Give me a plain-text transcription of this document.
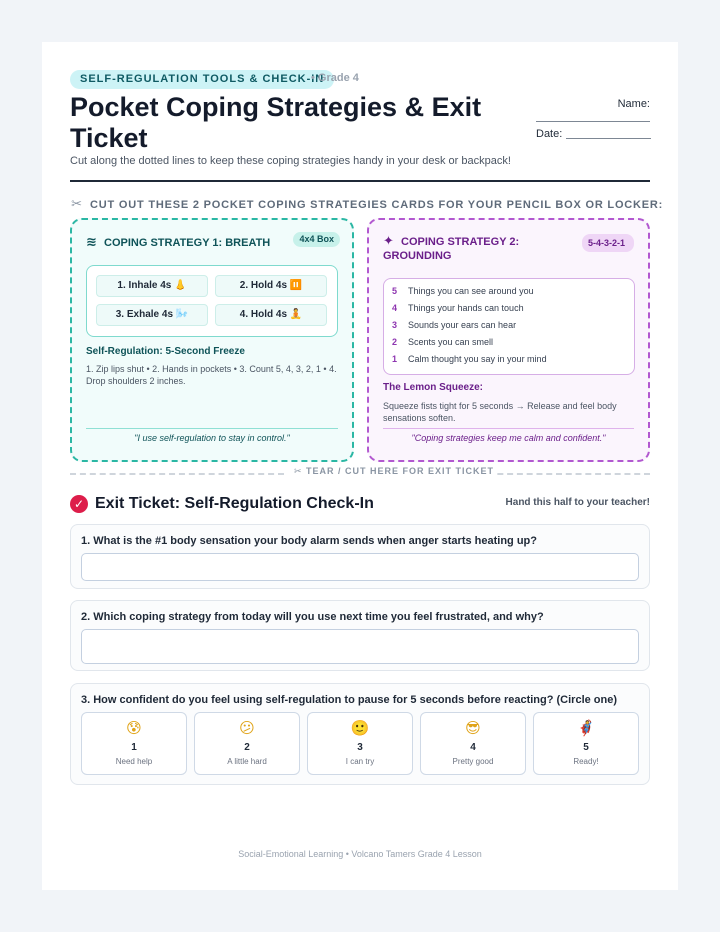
SELF-REGULATION TOOLS & CHECK-IN
• Grade 4
Pocket Coping Strategies & Exit Ticket
Name:
Date:
Cut along the dotted lines to keep these coping strategies handy in your desk or backpack!
✂ CUT OUT THESE 2 POCKET COPING STRATEGIES CARDS FOR YOUR PENCIL BOX OR LOCKER:
≋ COPING STRATEGY 1: BREATH	4x4 Box
1. Inhale 4s 👃	2. Hold 4s ⏸️
3. Exhale 4s 🌬️	4. Hold 4s 🧘
Self-Regulation: 5-Second Freeze
1. Zip lips shut • 2. Hands in pockets • 3. Count 5, 4, 3, 2, 1 • 4. Drop shoulders 2 inches.
"I use self-regulation to stay in control."
✦ COPING STRATEGY 2: GROUNDING
5-4-3-2-1
5 Things you can see around you
4 Things your hands can touch
3 Sounds your ears can hear
2 Scents you can smell
1 Calm thought you say in your mind
The Lemon Squeeze:
Squeeze fists tight for 5 seconds → Release and feel body sensations soften.
"Coping strategies keep me calm and confident."
✂ TEAR / CUT HERE FOR EXIT TICKET
✓ Exit Ticket: Self-Regulation Check-In	Hand this half to your teacher!
1. What is the #1 body sensation your body alarm sends when anger starts heating up?
2. Which coping strategy from today will you use next time you feel frustrated, and why?
3. How confident do you feel using self-regulation to pause for 5 seconds before reacting? (Circle one)
😰
1
Need help
😕
2
A little hard
🙂
3
I can try
😎
4
Pretty good
🦸
5
Ready!
Social-Emotional Learning • Volcano Tamers Grade 4 Lesson
